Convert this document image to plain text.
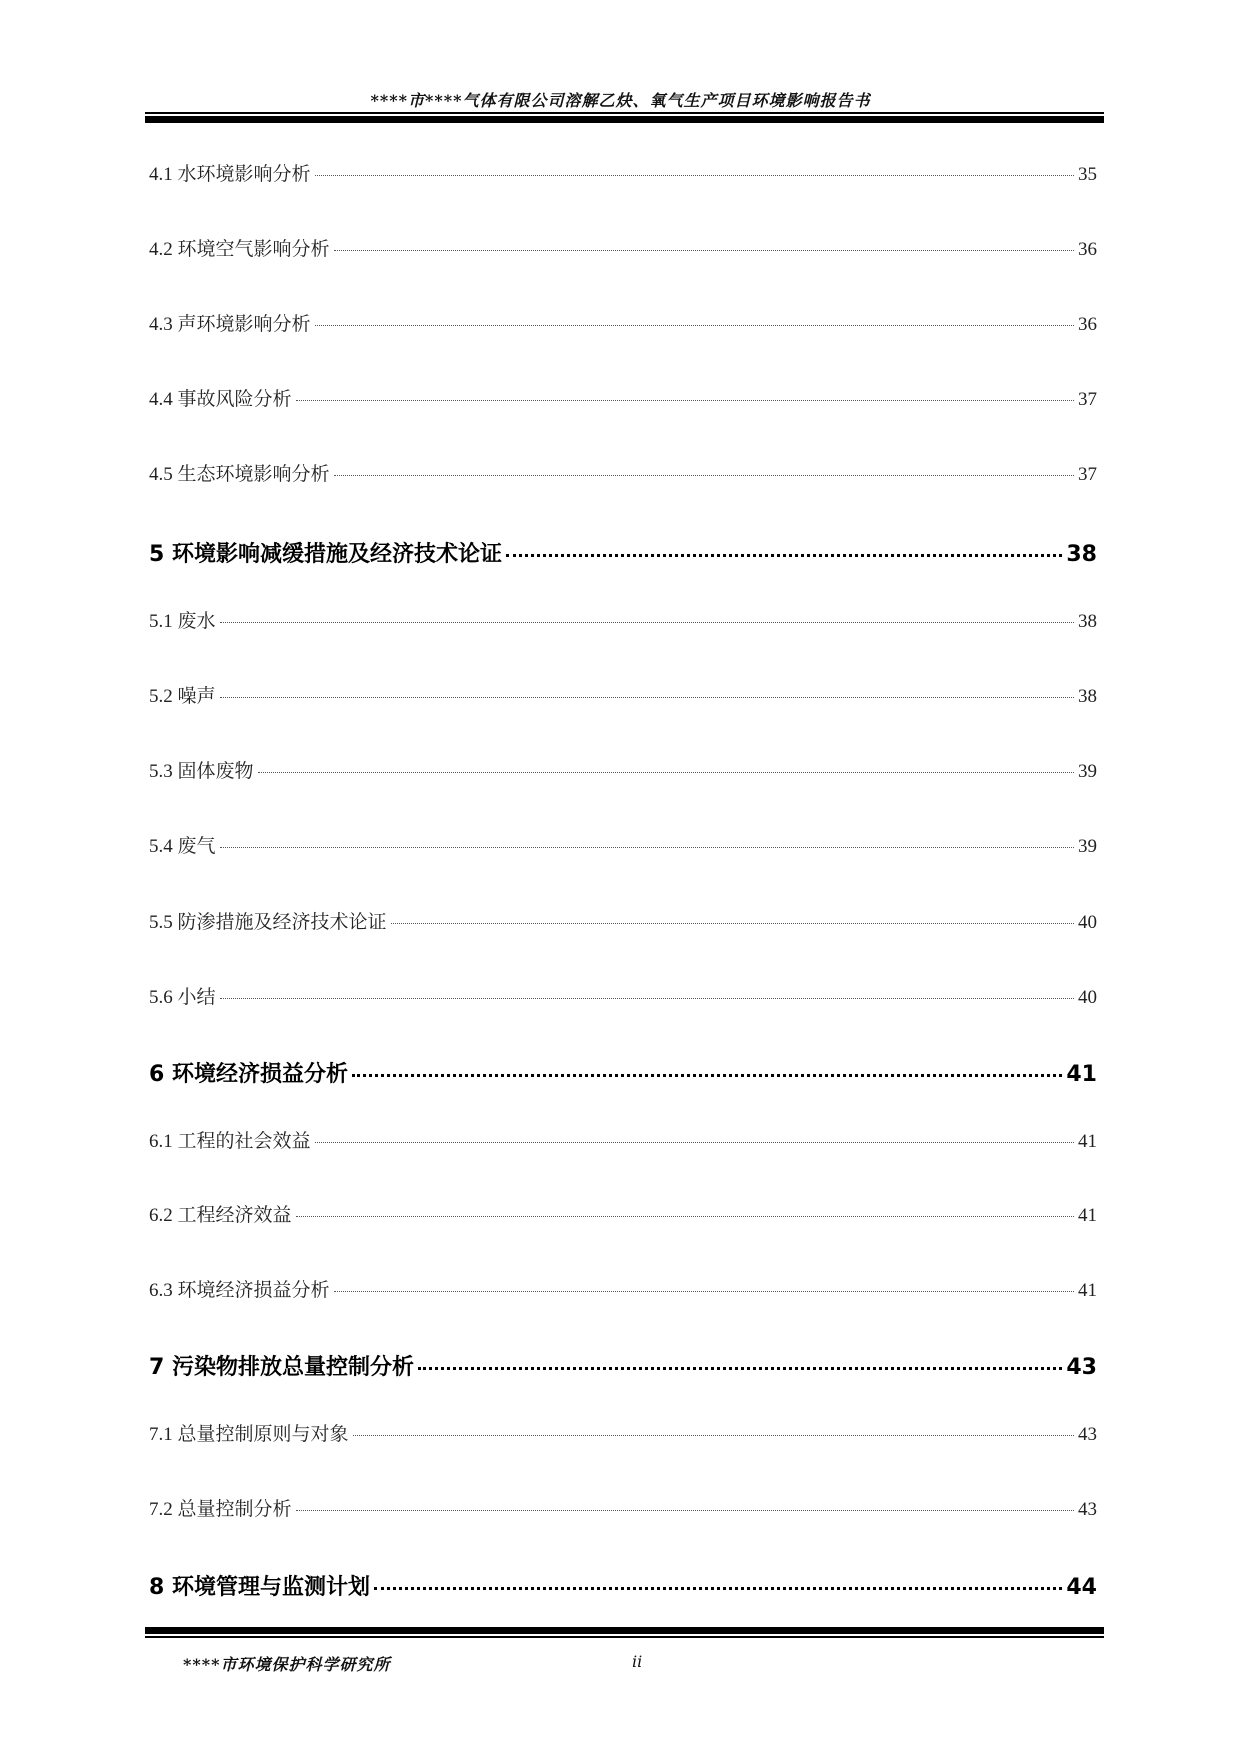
****市****气体有限公司溶解乙炔、氧气生产项目环境影响报告书
4.1 水环境影响分析	35
4.2 环境空气影响分析	36
4.3 声环境影响分析	36
4.4 事故风险分析	37
4.5 生态环境影响分析	37
5 环境影响减缓措施及经济技术论证	38
5.1 废水	38
5.2 噪声	38
5.3 固体废物	39
5.4 废气	39
5.5 防渗措施及经济技术论证	40
5.6 小结	40
6 环境经济损益分析	41
6.1 工程的社会效益	41
6.2 工程经济效益	41
6.3 环境经济损益分析	41
7 污染物排放总量控制分析	43
7.1 总量控制原则与对象	43
7.2 总量控制分析	43
8 环境管理与监测计划	44
****市环境保护科学研究所	ii
